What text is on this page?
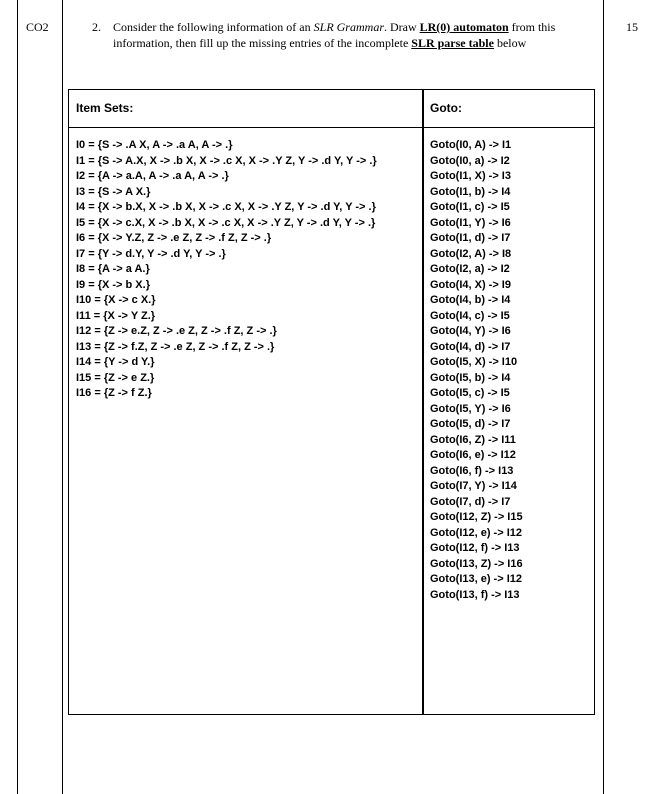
CO2	15
2. Consider the following information of an SLR Grammar. Draw LR(0) automaton from this information, then fill up the missing entries of the incomplete SLR parse table below
Item Sets:	Goto:
I0 = {S -> .A X, A -> .a A, A -> .}
I1 = {S -> A.X, X -> .b X, X -> .c X, X -> .Y Z, Y -> .d Y, Y -> .}
I2 = {A -> a.A, A -> .a A, A -> .}
I3 = {S -> A X.}
I4 = {X -> b.X, X -> .b X, X -> .c X, X -> .Y Z, Y -> .d Y, Y -> .}
I5 = {X -> c.X, X -> .b X, X -> .c X, X -> .Y Z, Y -> .d Y, Y -> .}
I6 = {X -> Y.Z, Z -> .e Z, Z -> .f Z, Z -> .}
I7 = {Y -> d.Y, Y -> .d Y, Y -> .}
I8 = {A -> a A.}
I9 = {X -> b X.}
I10 = {X -> c X.}
I11 = {X -> Y Z.}
I12 = {Z -> e.Z, Z -> .e Z, Z -> .f Z, Z -> .}
I13 = {Z -> f.Z, Z -> .e Z, Z -> .f Z, Z -> .}
I14 = {Y -> d Y.}
I15 = {Z -> e Z.}
I16 = {Z -> f Z.}
Goto(I0, A) -> I1
Goto(I0, a) -> I2
Goto(I1, X) -> I3
Goto(I1, b) -> I4
Goto(I1, c) -> I5
Goto(I1, Y) -> I6
Goto(I1, d) -> I7
Goto(I2, A) -> I8
Goto(I2, a) -> I2
Goto(I4, X) -> I9
Goto(I4, b) -> I4
Goto(I4, c) -> I5
Goto(I4, Y) -> I6
Goto(I4, d) -> I7
Goto(I5, X) -> I10
Goto(I5, b) -> I4
Goto(I5, c) -> I5
Goto(I5, Y) -> I6
Goto(I5, d) -> I7
Goto(I6, Z) -> I11
Goto(I6, e) -> I12
Goto(I6, f) -> I13
Goto(I7, Y) -> I14
Goto(I7, d) -> I7
Goto(I12, Z) -> I15
Goto(I12, e) -> I12
Goto(I12, f) -> I13
Goto(I13, Z) -> I16
Goto(I13, e) -> I12
Goto(I13, f) -> I13
